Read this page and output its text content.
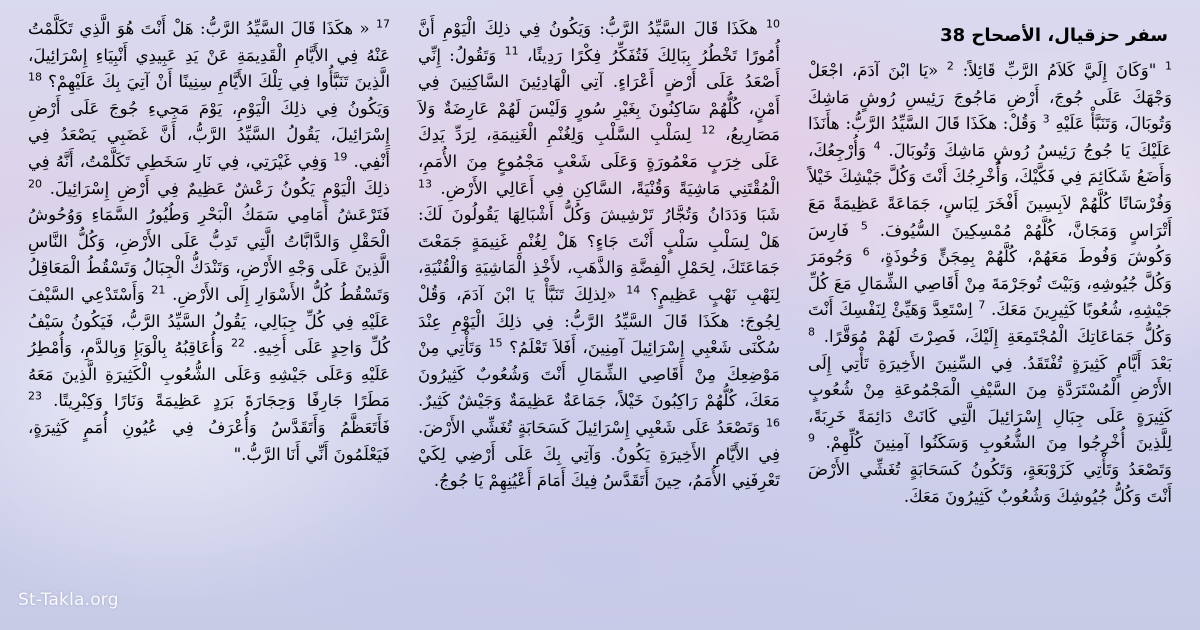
سفر حزقيال، الأصحاح 38

$^1$ "وَكَانَ إِلَيَّ كَلاَمُ الرَّبِّ قَائِلاً: $^2$ «يَا ابْنَ آدَمَ، اجْعَلْ وَجْهَكَ عَلَى جُوجَ، أَرْضِ مَاجُوجَ رَئِيسِ رُوشٍ مَاشِكَ وَتُوبَالَ، وَتَنَبَّأْ عَلَيْهِ $^3$ وَقُلْ: هكَذَا قَالَ السَّيِّدُ الرَّبُّ: هأَنَذَا عَلَيْكَ يَا جُوجُ رَئِيسُ رُوشٍ مَاشِكَ وَتُوبَالَ. $^4$ وَأُرْجِعُكَ، وَأَضَعُ شَكَائِمَ فِي فَكَّيْكَ، وَأُخْرِجُكَ أَنْتَ وَكُلَّ جَيْشِكَ خَيْلاً وَفُرْسَانًا كُلَّهُمْ لاَبِسِينَ أَفْخَرَ لِبَاسٍ، جَمَاعَةً عَظِيمَةً مَعَ أَتْرَاسٍ وَمَجَانَّ، كُلَّهُمْ مُمْسِكِينَ السُّيُوفَ. $^5$ فَارِسَ وَكُوشَ وَفُوطَ مَعَهُمْ، كُلَّهُمْ بِمِجَنٍّ وَخُوذَةٍ، $^6$ وَجُومَرَ وَكُلَّ جُيُوشِهِ، وَبَيْتَ تُوجَرْمَةَ مِنْ أَقَاصِي الشِّمَالِ مَعَ كُلِّ جَيْشِهِ، شُعُوبًا كَثِيرِينَ مَعَكَ. $^7$ اِسْتَعِدَّ وَهَيِّئْ لِنَفْسِكَ أَنْتَ وَكُلُّ جَمَاعَاتِكَ الْمُجْتَمِعَةِ إِلَيْكَ، فَصِرْتَ لَهُمْ مُوَقَّرًا. $^8$ بَعْدَ أَيَّامٍ كَثِيرَةٍ تُفْتَقَدُ. فِي السِّنِينَ الأَخِيرَةِ تَأْتِي إِلَى الأَرْضِ الْمُسْتَرَدَّةِ مِنَ السَّيْفِ الْمَجْمُوعَةِ مِنْ شُعُوبٍ كَثِيرَةٍ عَلَى جِبَالِ إِسْرَائِيلَ الَّتِي كَانَتْ دَائِمَةً خَرِبَةً، لِلَّذِينَ أُخْرِجُوا مِنَ الشُّعُوبِ وَسَكَنُوا آمِنِينَ كُلِّهِمْ. $^9$ وَتَصْعَدُ وَتَأْتِي كَزَوْبَعَةٍ، وَتَكُونُ كَسَحَابَةٍ تُغَشِّي الأَرْضَ أَنْتَ وَكُلُّ جُيُوشِكَ وَشُعُوبٌ كَثِيرُونَ مَعَكَ.

$^{10}$ هكَذَا قَالَ السَّيِّدُ الرَّبُّ: وَيَكُونُ فِي ذلِكَ الْيَوْمِ أَنَّ أُمُورًا تَخْطُرُ بِبَالِكَ فَتُفَكِّرُ فِكْرًا رَدِيئًا، $^{11}$ وَتَقُولُ: إِنِّي أَصْعَدُ عَلَى أَرْضٍ أَعْرَاءٍ. آتِي الْهَادِئِينَ السَّاكِنِينَ فِي أَمْنٍ، كُلُّهُمْ سَاكِنُونَ بِغَيْرِ سُورٍ وَلَيْسَ لَهُمْ عَارِضَةٌ وَلاَ مَصَارِيعُ، $^{12}$ لِسَلْبِ السَّلْبِ وَلِغُنْمِ الْغَنِيمَةِ، لِرَدِّ يَدِكَ عَلَى خِرَبٍ مَعْمُورَةٍ وَعَلَى شَعْبٍ مَجْمُوعٍ مِنَ الأُمَمِ، الْمُقْتَنِي مَاشِيَةً وَقُنْيَةً، السَّاكِنِ فِي أَعَالِي الأَرْضِ. $^{13}$ شَبَا وَدَدَانُ وَتُجَّارُ تَرْشِيشَ وَكُلُّ أَشْبَالِهَا يَقُولُونَ لَكَ: هَلْ لِسَلْبِ سَلْبٍ أَنْتَ جَاءٍ؟ هَلْ لِغُنْمِ غَنِيمَةٍ جَمَعْتَ جَمَاعَتَكَ، لِحَمْلِ الْفِضَّةِ وَالذَّهَبِ، لأَخْذِ الْمَاشِيَةِ وَالْقُنْيَةِ، لِنَهْبِ نَهْبٍ عَظِيمٍ؟ $^{14}$ «لِذلِكَ تَنَبَّأْ يَا ابْنَ آدَمَ، وَقُلْ لِجُوجَ: هكَذَا قَالَ السَّيِّدُ الرَّبُّ: فِي ذلِكَ الْيَوْمِ عِنْدَ سُكْنَى شَعْبِي إِسْرَائِيلَ آمِنِينَ، أَفَلاَ تَعْلَمُ؟ $^{15}$ وَتَأْتِي مِنْ مَوْضِعِكَ مِنْ أَقَاصِي الشِّمَالِ أَنْتَ وَشُعُوبٌ كَثِيرُونَ مَعَكَ، كُلُّهُمْ رَاكِبُونَ خَيْلاً، جَمَاعَةٌ عَظِيمَةٌ وَجَيْشٌ كَثِيرٌ. $^{16}$ وَتَصْعَدُ عَلَى شَعْبِي إِسْرَائِيلَ كَسَحَابَةٍ تُغَشِّي الأَرْضَ. فِي الأَيَّامِ الأَخِيرَةِ يَكُونُ. وَآتِي بِكَ عَلَى أَرْضِي لِكَيْ تَعْرِفَنِي الأُمَمُ، حِينَ أَتَقَدَّسُ فِيكَ أَمَامَ أَعْيُنِهِمْ يَا جُوجُ.

$^{17}$ « هكَذَا قَالَ السَّيِّدُ الرَّبُّ: هَلْ أَنْتَ هُوَ الَّذِي تَكَلَّمْتُ عَنْهُ فِي الأَيَّامِ الْقَدِيمَةِ عَنْ يَدِ عَبِيدِي أَنْبِيَاءِ إِسْرَائِيلَ، الَّذِينَ تَنَبَّأُوا فِي تِلْكَ الأَيَّامِ سِنِينًا أَنْ آتِيَ بِكَ عَلَيْهِمْ؟ $^{18}$ وَيَكُونُ فِي ذلِكَ الْيَوْمِ، يَوْمَ مَجِيءِ جُوجَ عَلَى أَرْضِ إِسْرَائِيلَ، يَقُولُ السَّيِّدُ الرَّبُّ، أَنَّ غَضَبِي يَصْعَدُ فِي أَنْفِي. $^{19}$ وَفِي غَيْرَتِي، فِي نَارِ سَخَطِي تَكَلَّمْتُ، أَنَّهُ فِي ذلِكَ الْيَوْمِ يَكُونُ رَعْشٌ عَظِيمٌ فِي أَرْضِ إِسْرَائِيلَ. $^{20}$ فَتَرْعَشُ أَمَامِي سَمَكُ الْبَحْرِ وَطُيُورُ السَّمَاءِ وَوُحُوشُ الْحَقْلِ وَالدَّابَّاتُ الَّتِي تَدِبُّ عَلَى الأَرْضِ، وَكُلُّ النَّاسِ الَّذِينَ عَلَى وَجْهِ الأَرْضِ، وَتَنْدَكُّ الْجِبَالُ وَتَسْقُطُ الْمَعَاقِلُ وَتَسْقُطُ كُلُّ الأَسْوَارِ إِلَى الأَرْضِ. $^{21}$ وَأَسْتَدْعِي السَّيْفَ عَلَيْهِ فِي كُلِّ جِبَالِي، يَقُولُ السَّيِّدُ الرَّبُّ، فَيَكُونُ سَيْفُ كُلِّ وَاحِدٍ عَلَى أَخِيهِ. $^{22}$ وَأُعَاقِبُهُ بِالْوَبَإِ وَبِالدَّمِ، وَأُمْطِرُ عَلَيْهِ وَعَلَى جَيْشِهِ وَعَلَى الشُّعُوبِ الْكَثِيرَةِ الَّذِينَ مَعَهُ مَطَرًا جَارِفًا وَحِجَارَةَ بَرَدٍ عَظِيمَةً وَنَارًا وَكِبْرِيتًا. $^{23}$ فَأَتَعَظَّمُ وَأَتَقَدَّسُ وَأُعْرَفُ فِي عُيُونِ أُمَمٍ كَثِيرَةٍ، فَيَعْلَمُونَ أَنِّي أَنَا الرَّبُّ."

St-Takla.org
